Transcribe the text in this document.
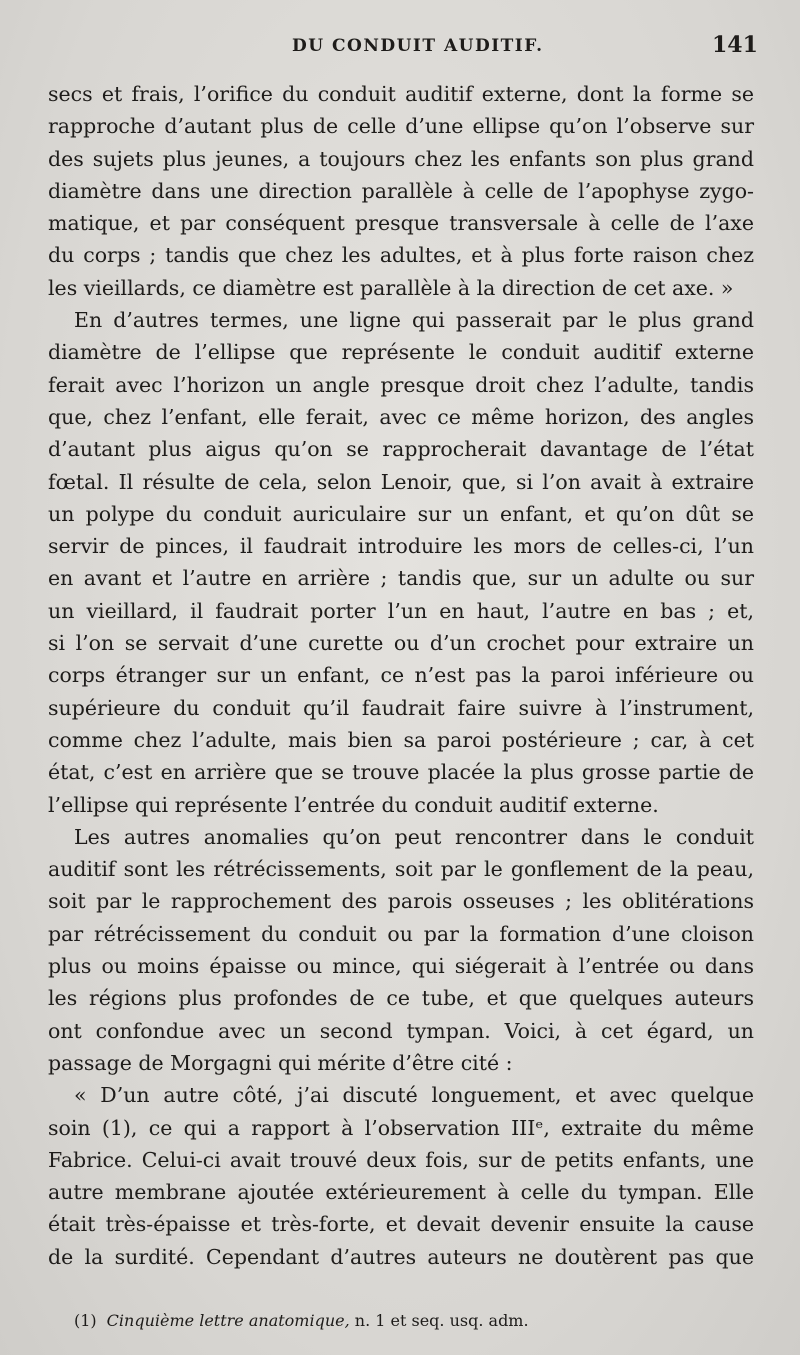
DU CONDUIT AUDITIF.	141
secs et frais, l’orifice du conduit auditif externe, dont la forme se
rapproche d’autant plus de celle d’une ellipse qu’on l’observe sur
des sujets plus jeunes, a toujours chez les enfants son plus grand
diamètre dans une direction parallèle à celle de l’apophyse zygo-
matique, et par conséquent presque transversale à celle de l’axe
du corps ; tandis que chez les adultes, et à plus forte raison chez
les vieillards, ce diamètre est parallèle à la direction de cet axe. »
En d’autres termes, une ligne qui passerait par le plus grand
diamètre de l’ellipse que représente le conduit auditif externe
ferait avec l’horizon un angle presque droit chez l’adulte, tandis
que, chez l’enfant, elle ferait, avec ce même horizon, des angles
d’autant plus aigus qu’on se rapprocherait davantage de l’état
fœtal. Il résulte de cela, selon Lenoir, que, si l’on avait à extraire
un polype du conduit auriculaire sur un enfant, et qu’on dût se
servir de pinces, il faudrait introduire les mors de celles-ci, l’un
en avant et l’autre en arrière ; tandis que, sur un adulte ou sur
un vieillard, il faudrait porter l’un en haut, l’autre en bas ; et,
si l’on se servait d’une curette ou d’un crochet pour extraire un
corps étranger sur un enfant, ce n’est pas la paroi inférieure ou
supérieure du conduit qu’il faudrait faire suivre à l’instrument,
comme chez l’adulte, mais bien sa paroi postérieure ; car, à cet
état, c’est en arrière que se trouve placée la plus grosse partie de
l’ellipse qui représente l’entrée du conduit auditif externe.
Les autres anomalies qu’on peut rencontrer dans le conduit
auditif sont les rétrécissements, soit par le gonflement de la peau,
soit par le rapprochement des parois osseuses ; les oblitérations
par rétrécissement du conduit ou par la formation d’une cloison
plus ou moins épaisse ou mince, qui siégerait à l’entrée ou dans
les régions plus profondes de ce tube, et que quelques auteurs
ont confondue avec un second tympan. Voici, à cet égard, un
passage de Morgagni qui mérite d’être cité :
« D’un autre côté, j’ai discuté longuement, et avec quelque
soin (1), ce qui a rapport à l’observation IIIᵉ, extraite du même
Fabrice. Celui-ci avait trouvé deux fois, sur de petits enfants, une
autre membrane ajoutée extérieurement à celle du tympan. Elle
était très-épaisse et très-forte, et devait devenir ensuite la cause
de la surdité. Cependant d’autres auteurs ne doutèrent pas que
(1) Cinquième lettre anatomique, n. 1 et seq. usq. adm.
